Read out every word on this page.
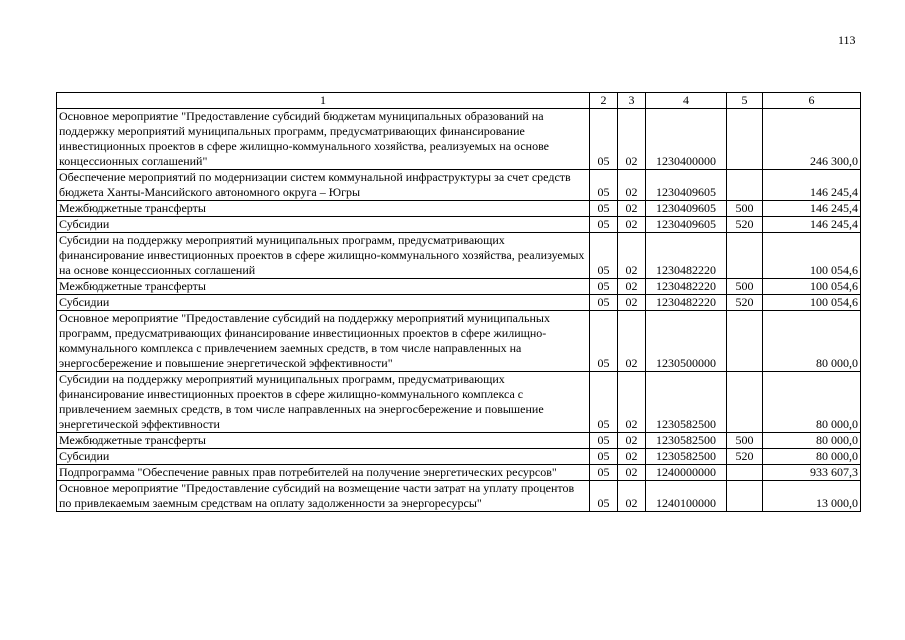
113
1	2	3	4	5	6
Основное мероприятие "Предоставление субсидий бюджетам муниципальных образований на поддержку мероприятий муниципальных программ, предусматривающих финансирование инвестиционных проектов в сфере жилищно-коммунального хозяйства, реализуемых на основе концессионных соглашений"	05	02	1230400000		246 300,0
Обеспечение мероприятий по модернизации систем коммунальной инфраструктуры за счет средств бюджета Ханты-Мансийского автономного округа – Югры	05	02	1230409605		146 245,4
Межбюджетные трансферты	05	02	1230409605	500	146 245,4
Субсидии	05	02	1230409605	520	146 245,4
Субсидии на поддержку мероприятий муниципальных программ, предусматривающих финансирование инвестиционных проектов в сфере жилищно-коммунального хозяйства, реализуемых на основе концессионных соглашений	05	02	1230482220		100 054,6
Межбюджетные трансферты	05	02	1230482220	500	100 054,6
Субсидии	05	02	1230482220	520	100 054,6
Основное мероприятие "Предоставление субсидий на поддержку мероприятий муниципальных программ, предусматривающих финансирование инвестиционных проектов в сфере жилищно-коммунального комплекса с привлечением заемных средств, в том числе направленных на энергосбережение и повышение энергетической эффективности"	05	02	1230500000		80 000,0
Субсидии на поддержку мероприятий муниципальных программ, предусматривающих финансирование инвестиционных проектов в сфере жилищно-коммунального комплекса с привлечением заемных средств, в том числе направленных на энергосбережение и повышение энергетической эффективности	05	02	1230582500		80 000,0
Межбюджетные трансферты	05	02	1230582500	500	80 000,0
Субсидии	05	02	1230582500	520	80 000,0
Подпрограмма "Обеспечение равных прав потребителей на получение энергетических ресурсов"	05	02	1240000000		933 607,3
Основное мероприятие "Предоставление субсидий на возмещение части затрат на уплату процентов по привлекаемым заемным средствам на оплату задолженности за энергоресурсы"	05	02	1240100000		13 000,0
